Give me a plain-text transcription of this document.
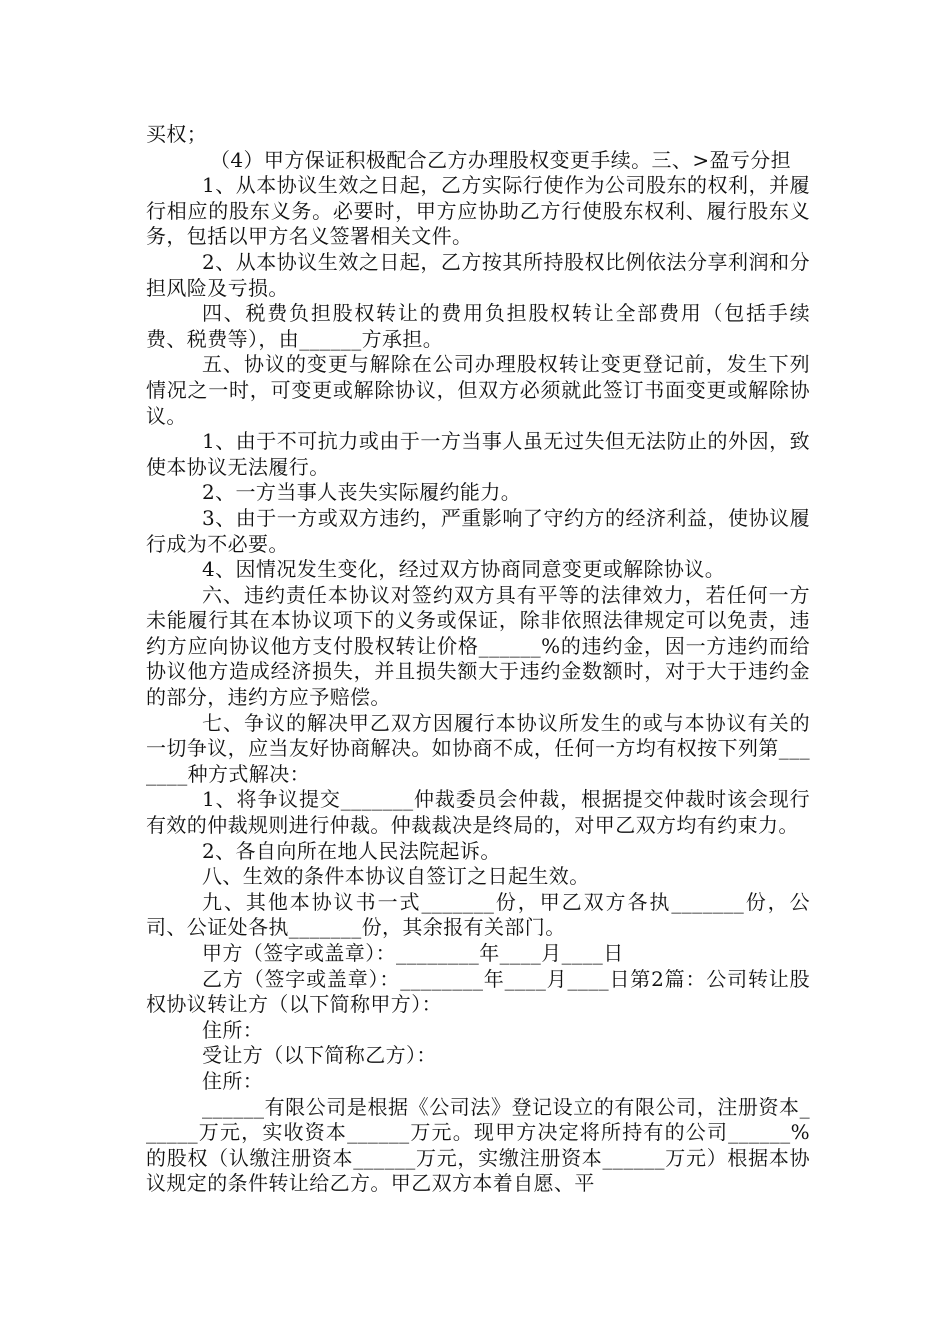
买权；

（4）甲方保证积极配合乙方办理股权变更手续。三、>盈亏分担

1、从本协议生效之日起，乙方实际行使作为公司股东的权利，并履行相应的股东义务。必要时，甲方应协助乙方行使股东权利、履行股东义务，包括以甲方名义签署相关文件。

2、从本协议生效之日起，乙方按其所持股权比例依法分享利润和分担风险及亏损。

四、税费负担股权转让的费用负担股权转让全部费用（包括手续费、税费等），由______方承担。

五、协议的变更与解除在公司办理股权转让变更登记前，发生下列情况之一时，可变更或解除协议，但双方必须就此签订书面变更或解除协议。

1、由于不可抗力或由于一方当事人虽无过失但无法防止的外因，致使本协议无法履行。

2、一方当事人丧失实际履约能力。

3、由于一方或双方违约，严重影响了守约方的经济利益，使协议履行成为不必要。

4、因情况发生变化，经过双方协商同意变更或解除协议。

六、违约责任本协议对签约双方具有平等的法律效力，若任何一方未能履行其在本协议项下的义务或保证，除非依照法律规定可以免责，违约方应向协议他方支付股权转让价格______%的违约金，因一方违约而给协议他方造成经济损失，并且损失额大于违约金数额时，对于大于违约金的部分，违约方应予赔偿。

七、争议的解决甲乙双方因履行本协议所发生的或与本协议有关的一切争议，应当友好协商解决。如协商不成，任何一方均有权按下列第_______种方式解决：

1、将争议提交_______仲裁委员会仲裁，根据提交仲裁时该会现行有效的仲裁规则进行仲裁。仲裁裁决是终局的，对甲乙双方均有约束力。

2、各自向所在地人民法院起诉。

八、生效的条件本协议自签订之日起生效。

九、其他本协议书一式_______份，甲乙双方各执_______份，公司、公证处各执_______份，其余报有关部门。

甲方（签字或盖章）：________年____月____日

乙方（签字或盖章）：________年____月____日第2篇：公司转让股权协议转让方（以下简称甲方）：

住所：

受让方（以下简称乙方）：

住所：

______有限公司是根据《公司法》登记设立的有限公司，注册资本______万元，实收资本______万元。现甲方决定将所持有的公司______%的股权（认缴注册资本______万元，实缴注册资本______万元）根据本协议规定的条件转让给乙方。甲乙双方本着自愿、平
